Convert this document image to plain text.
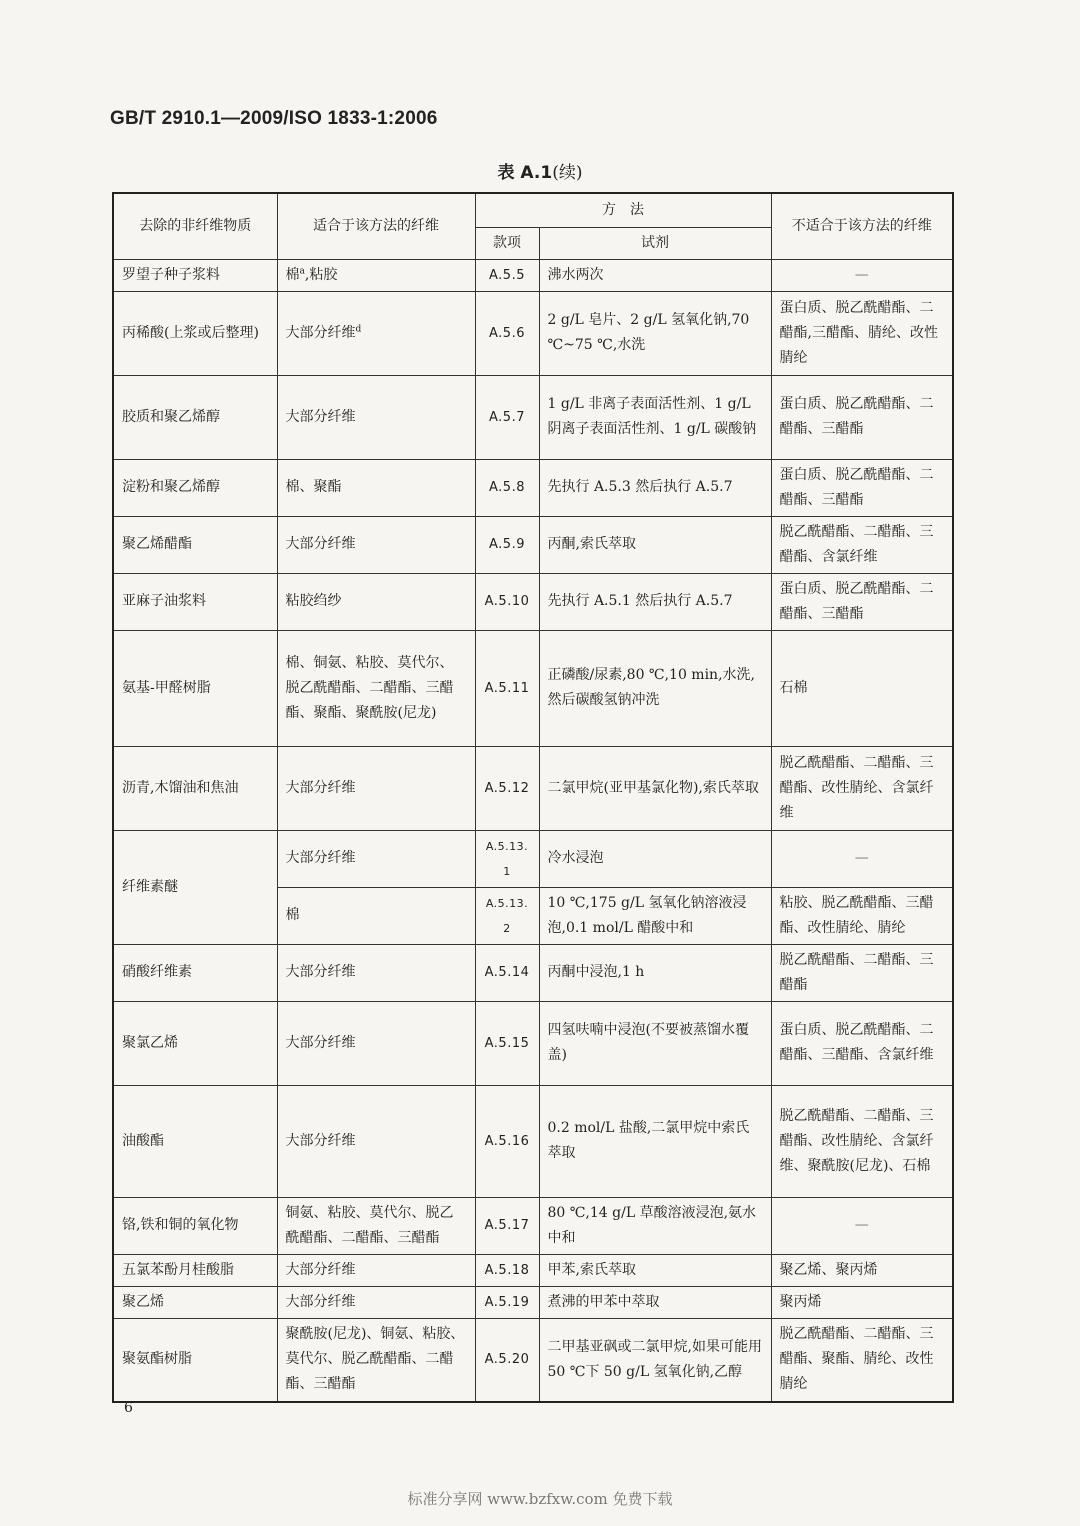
GB/T 2910.1—2009/ISO 1833-1:2006
表 A.1(续)
去除的非纤维物质	适合于该方法的纤维	方　法		不适合于该方法的纤维
		款项	试剂	
罗望子种子浆料	棉$^a$,粘胶	A.5.5	沸水两次	—
丙稀酸(上浆或后整理)	大部分纤维$^d$	A.5.6	2 g/L 皂片、2 g/L 氢氧化钠,70 ℃~75 ℃,水洗	蛋白质、脱乙酰醋酯、二醋酯,三醋酯、腈纶、改性腈纶
胶质和聚乙烯醇	大部分纤维	A.5.7	1 g/L 非离子表面活性剂、1 g/L 阴离子表面活性剂、1 g/L 碳酸钠	蛋白质、脱乙酰醋酯、二醋酯、三醋酯
淀粉和聚乙烯醇	棉、聚酯	A.5.8	先执行 A.5.3 然后执行 A.5.7	蛋白质、脱乙酰醋酯、二醋酯、三醋酯
聚乙烯醋酯	大部分纤维	A.5.9	丙酮,索氏萃取	脱乙酰醋酯、二醋酯、三醋酯、含氯纤维
亚麻子油浆料	粘胶绉纱	A.5.10	先执行 A.5.1 然后执行 A.5.7	蛋白质、脱乙酰醋酯、二醋酯、三醋酯
氨基-甲醛树脂	棉、铜氨、粘胶、莫代尔、脱乙酰醋酯、二醋酯、三醋酯、聚酯、聚酰胺(尼龙)	A.5.11	正磷酸/尿素,80 ℃,10 min,水洗,然后碳酸氢钠冲洗	石棉
沥青,木馏油和焦油	大部分纤维	A.5.12	二氯甲烷(亚甲基氯化物),索氏萃取	脱乙酰醋酯、二醋酯、三醋酯、改性腈纶、含氯纤维
纤维素醚	大部分纤维	A.5.13.1	冷水浸泡	—
	棉	A.5.13.2	10 ℃,175 g/L 氢氧化钠溶液浸泡,0.1 mol/L 醋酸中和	粘胶、脱乙酰醋酯、三醋酯、改性腈纶、腈纶
硝酸纤维素	大部分纤维	A.5.14	丙酮中浸泡,1 h	脱乙酰醋酯、二醋酯、三醋酯
聚氯乙烯	大部分纤维	A.5.15	四氢呋喃中浸泡(不要被蒸馏水覆盖)	蛋白质、脱乙酰醋酯、二醋酯、三醋酯、含氯纤维
油酸酯	大部分纤维	A.5.16	0.2 mol/L 盐酸,二氯甲烷中索氏萃取	脱乙酰醋酯、二醋酯、三醋酯、改性腈纶、含氯纤维、聚酰胺(尼龙)、石棉
铬,铁和铜的氧化物	铜氨、粘胶、莫代尔、脱乙酰醋酯、二醋酯、三醋酯	A.5.17	80 ℃,14 g/L 草酸溶液浸泡,氨水中和	—
五氯苯酚月桂酸脂	大部分纤维	A.5.18	甲苯,索氏萃取	聚乙烯、聚丙烯
聚乙烯	大部分纤维	A.5.19	煮沸的甲苯中萃取	聚丙烯
聚氨酯树脂	聚酰胺(尼龙)、铜氨、粘胶、莫代尔、脱乙酰醋酯、二醋酯、三醋酯	A.5.20	二甲基亚砜或二氯甲烷,如果可能用 50 ℃下 50 g/L 氢氧化钠,乙醇	脱乙酰醋酯、二醋酯、三醋酯、聚酯、腈纶、改性腈纶
6
标准分享网 www.bzfxw.com 免费下载
